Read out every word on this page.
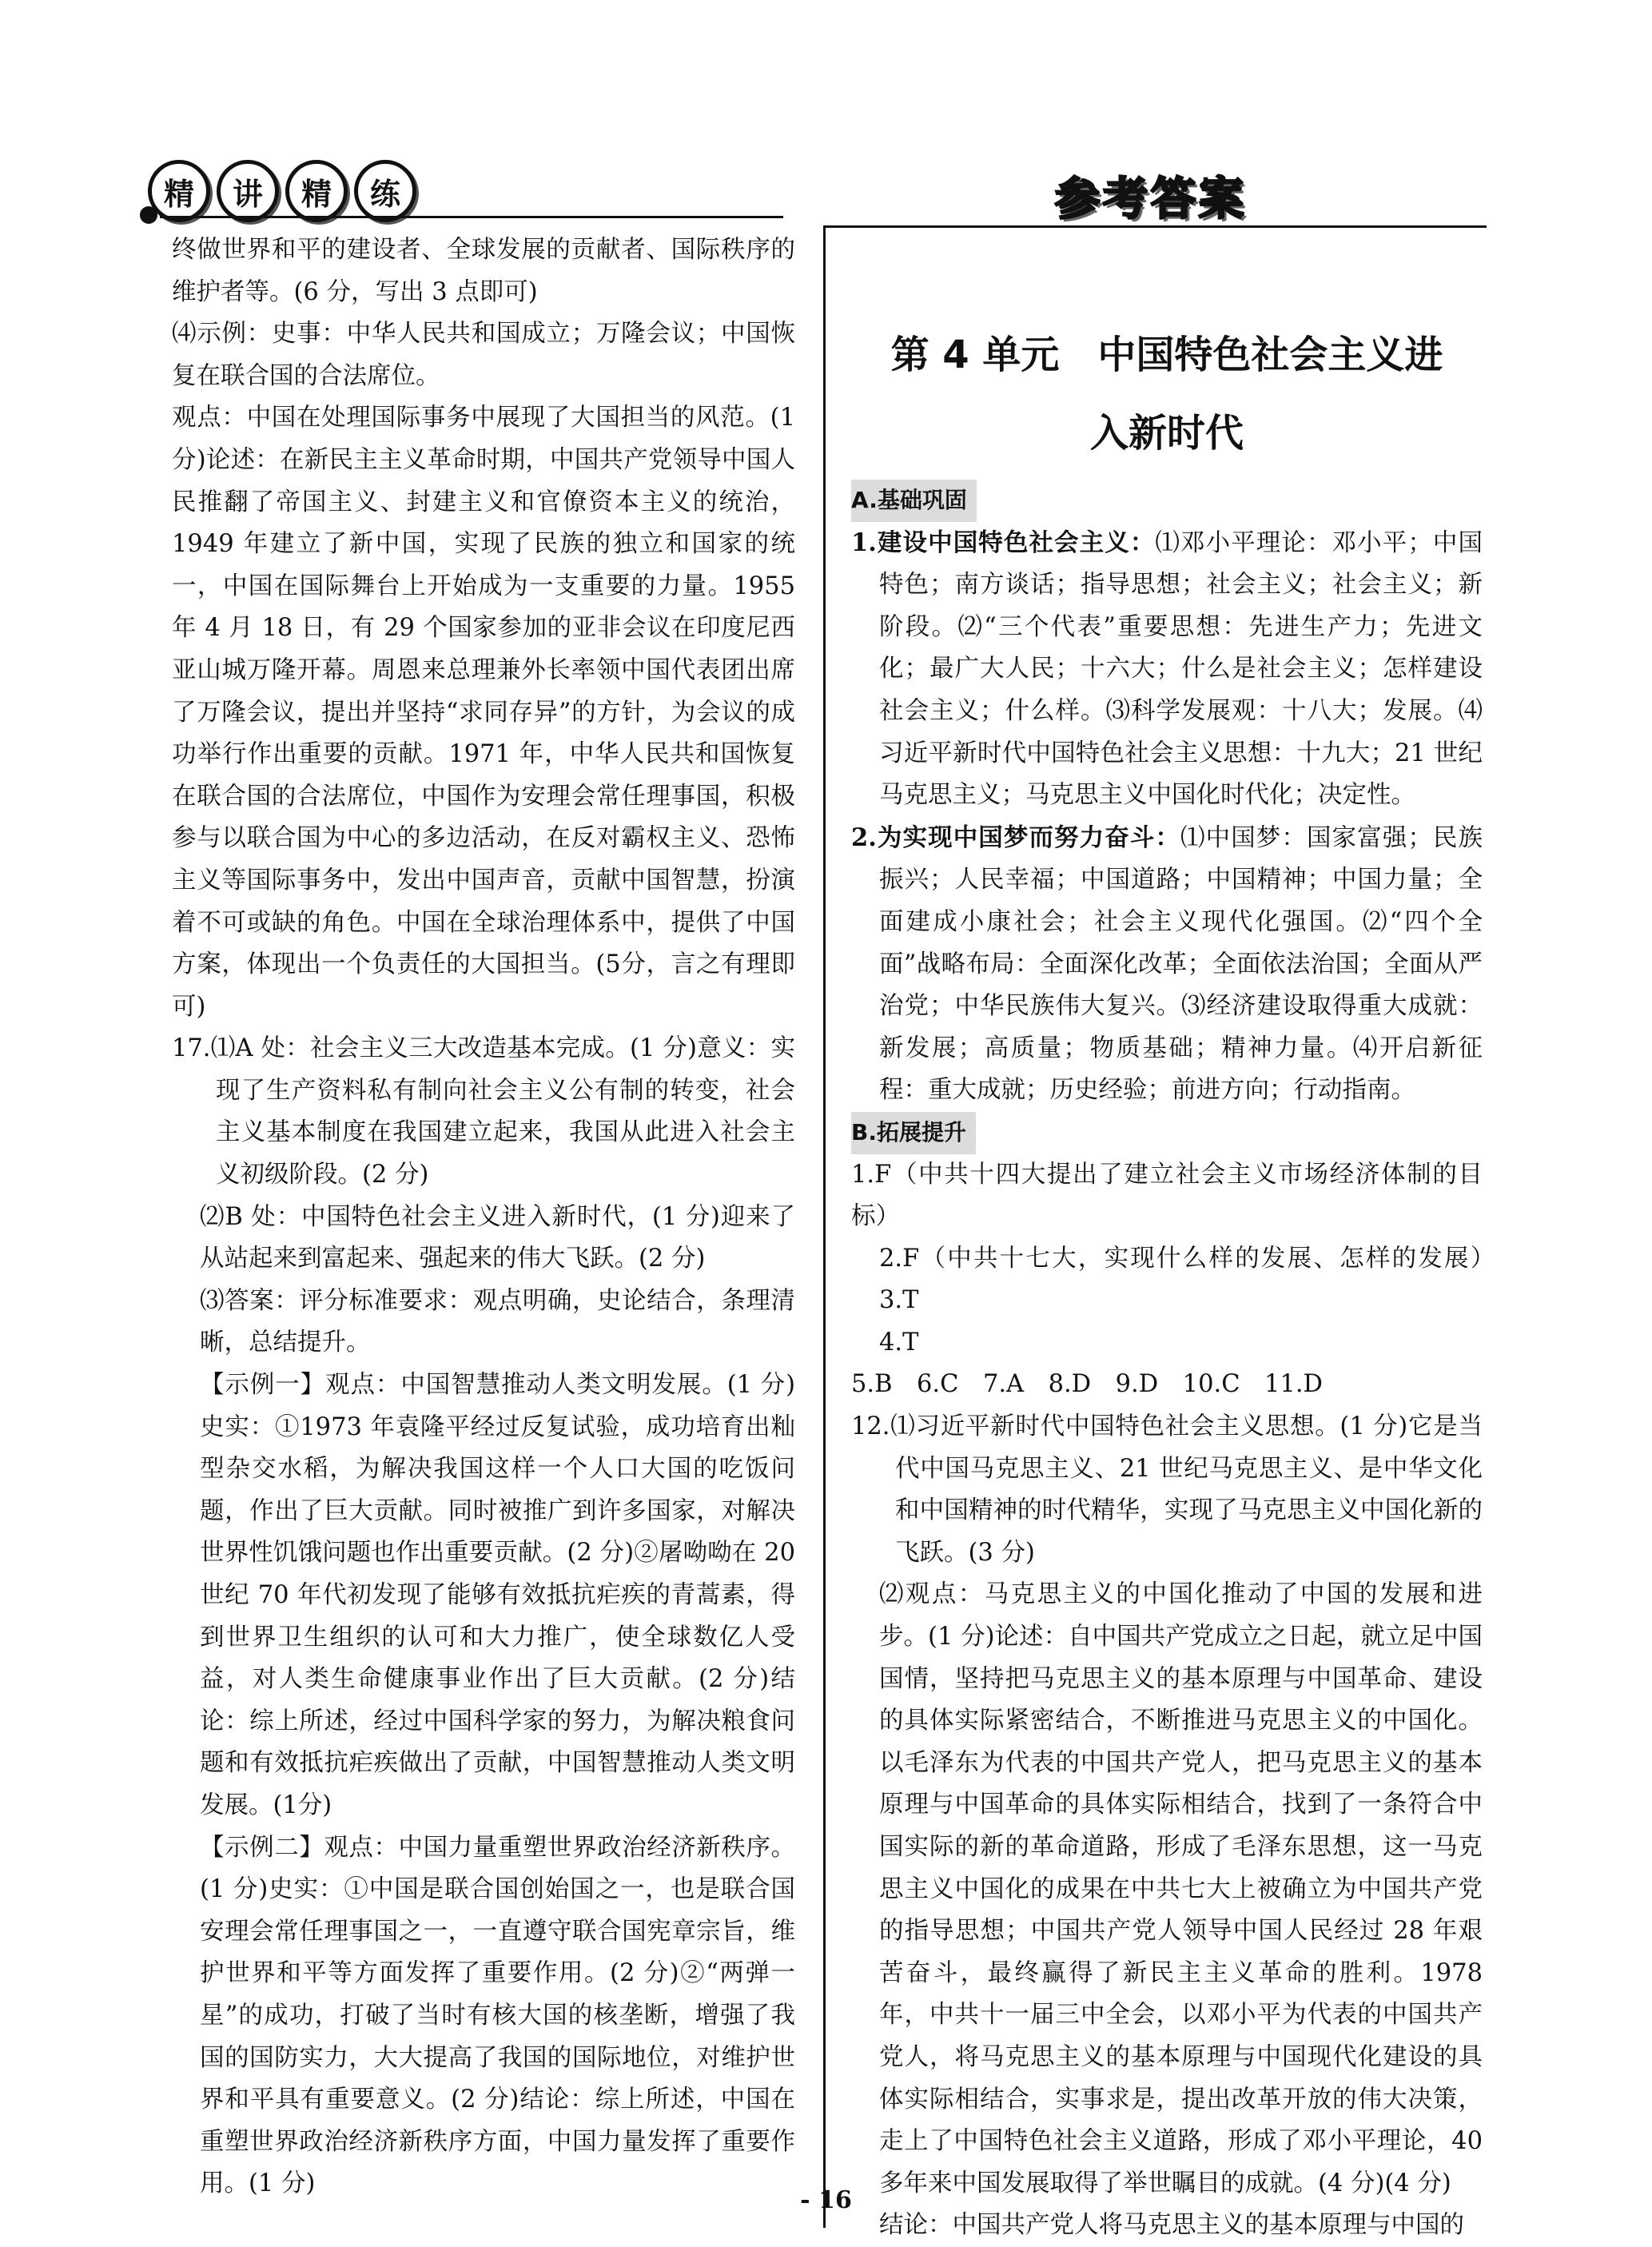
精	讲	精	练	参考答案

终做世界和平的建设者、全球发展的贡献者、国际秩序的维护者等。(6 分，写出 3 点即可)

⑷示例：史事：中华人民共和国成立；万隆会议；中国恢复在联合国的合法席位。

观点：中国在处理国际事务中展现了大国担当的风范。(1分)论述：在新民主主义革命时期，中国共产党领导中国人民推翻了帝国主义、封建主义和官僚资本主义的统治，1949 年建立了新中国，实现了民族的独立和国家的统一，中国在国际舞台上开始成为一支重要的力量。1955 年 4 月 18 日，有 29 个国家参加的亚非会议在印度尼西亚山城万隆开幕。周恩来总理兼外长率领中国代表团出席了万隆会议，提出并坚持“求同存异”的方针，为会议的成功举行作出重要的贡献。1971 年，中华人民共和国恢复在联合国的合法席位，中国作为安理会常任理事国，积极参与以联合国为中心的多边活动，在反对霸权主义、恐怖主义等国际事务中，发出中国声音，贡献中国智慧，扮演着不可或缺的角色。中国在全球治理体系中，提供了中国方案，体现出一个负责任的大国担当。(5分，言之有理即可)

17.⑴A 处：社会主义三大改造基本完成。(1 分)意义：实现了生产资料私有制向社会主义公有制的转变，社会主义基本制度在我国建立起来，我国从此进入社会主义初级阶段。(2 分)

⑵B 处：中国特色社会主义进入新时代，(1 分)迎来了从站起来到富起来、强起来的伟大飞跃。(2 分)

⑶答案：评分标准要求：观点明确，史论结合，条理清晰，总结提升。

【示例一】观点：中国智慧推动人类文明发展。(1 分)史实：①1973 年袁隆平经过反复试验，成功培育出籼型杂交水稻，为解决我国这样一个人口大国的吃饭问题，作出了巨大贡献。同时被推广到许多国家，对解决世界性饥饿问题也作出重要贡献。(2 分)②屠呦呦在 20 世纪 70 年代初发现了能够有效抵抗疟疾的青蒿素，得到世界卫生组织的认可和大力推广，使全球数亿人受益，对人类生命健康事业作出了巨大贡献。(2 分)结论：综上所述，经过中国科学家的努力，为解决粮食问题和有效抵抗疟疾做出了贡献，中国智慧推动人类文明发展。(1分)

【示例二】观点：中国力量重塑世界政治经济新秩序。(1 分)史实：①中国是联合国创始国之一，也是联合国安理会常任理事国之一，一直遵守联合国宪章宗旨，维护世界和平等方面发挥了重要作用。(2 分)②“两弹一星”的成功，打破了当时有核大国的核垄断，增强了我国的国防实力，大大提高了我国的国际地位，对维护世界和平具有重要意义。(2 分)结论：综上所述，中国在重塑世界政治经济新秩序方面，中国力量发挥了重要作用。(1 分)

第 4 单元　中国特色社会主义进
入新时代

A.基础巩固

1.建设中国特色社会主义：⑴邓小平理论：邓小平；中国特色；南方谈话；指导思想；社会主义；社会主义；新阶段。⑵“三个代表”重要思想：先进生产力；先进文化；最广大人民；十六大；什么是社会主义；怎样建设社会主义；什么样。⑶科学发展观：十八大；发展。⑷习近平新时代中国特色社会主义思想：十九大；21 世纪马克思主义；马克思主义中国化时代化；决定性。

2.为实现中国梦而努力奋斗：⑴中国梦：国家富强；民族振兴；人民幸福；中国道路；中国精神；中国力量；全面建成小康社会；社会主义现代化强国。⑵“四个全面”战略布局：全面深化改革；全面依法治国；全面从严治党；中华民族伟大复兴。⑶经济建设取得重大成就：新发展；高质量；物质基础；精神力量。⑷开启新征程：重大成就；历史经验；前进方向；行动指南。

B.拓展提升

1.F（中共十四大提出了建立社会主义市场经济体制的目标）

2.F（中共十七大，实现什么样的发展、怎样的发展）　3.T

4.T

5.B　6.C　7.A　8.D　9.D　10.C　11.D

12.⑴习近平新时代中国特色社会主义思想。(1 分)它是当代中国马克思主义、21 世纪马克思主义、是中华文化和中国精神的时代精华，实现了马克思主义中国化新的飞跃。(3 分)

⑵观点：马克思主义的中国化推动了中国的发展和进步。(1 分)论述：自中国共产党成立之日起，就立足中国国情，坚持把马克思主义的基本原理与中国革命、建设的具体实际紧密结合，不断推进马克思主义的中国化。以毛泽东为代表的中国共产党人，把马克思主义的基本原理与中国革命的具体实际相结合，找到了一条符合中国实际的新的革命道路，形成了毛泽东思想，这一马克思主义中国化的成果在中共七大上被确立为中国共产党的指导思想；中国共产党人领导中国人民经过 28 年艰苦奋斗，最终赢得了新民主主义革命的胜利。1978 年，中共十一届三中全会，以邓小平为代表的中国共产党人，将马克思主义的基本原理与中国现代化建设的具体实际相结合，实事求是，提出改革开放的伟大决策，走上了中国特色社会主义道路，形成了邓小平理论，40 多年来中国发展取得了举世瞩目的成就。(4 分)(4 分)

结论：中国共产党人将马克思主义的基本原理与中国的

- 16
